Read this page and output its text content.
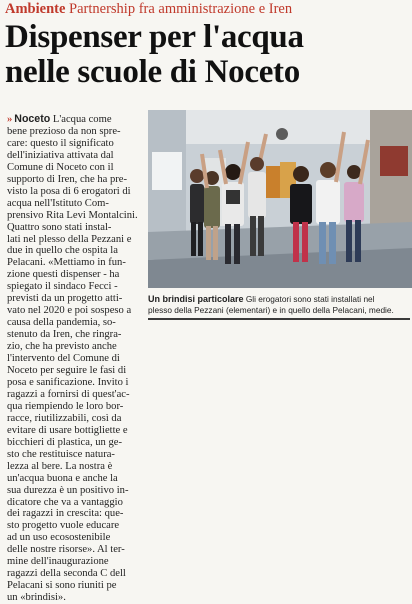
Ambiente Partnership fra amministrazione e Iren
Dispenser per l'acqua
nelle scuole di Noceto
» Noceto L'acqua come
bene prezioso da non spre-
care: questo il significato
dell'iniziativa attivata dal
Comune di Noceto con il
supporto di Iren, che ha pre-
visto la posa di 6 erogatori di
acqua nell'Istituto Com-
prensivo Rita Levi Montalcini.
Quattro sono stati instal-
lati nel plesso della Pezzani e
due in quello che ospita la
Pelacani. «Mettiamo in fun-
zione questi dispenser - ha
spiegato il sindaco Fecci -
previsti da un progetto atti-
vato nel 2020 e poi sospeso a
causa della pandemia, so-
stenuto da Iren, che ringra-
zio, che ha previsto anche
l'intervento del Comune di
Noceto per seguire le fasi di
posa e sanificazione. Invito i
ragazzi a fornirsi di quest'ac-
qua riempiendo le loro bor-
racce, riutilizzabili, così da
evitare di usare bottigliette e
bicchieri di plastica, un ge-
sto che restituisce natura-
lezza al bere. La nostra è
un'acqua buona e anche la
sua durezza è un positivo in-
dicatore che va a vantaggio
dei ragazzi in crescita: que-
sto progetto vuole educare
ad un uso ecosostenibile
delle nostre risorse». Al ter-
mine dell'inaugurazione
ragazzi della seconda C dell
Pelacani si sono riuniti pe
un «brindisi».
Un brindisi particolare Gli erogatori sono stati installati nel
plesso della Pezzani (elementari) e in quello della Pelacani, medie.
